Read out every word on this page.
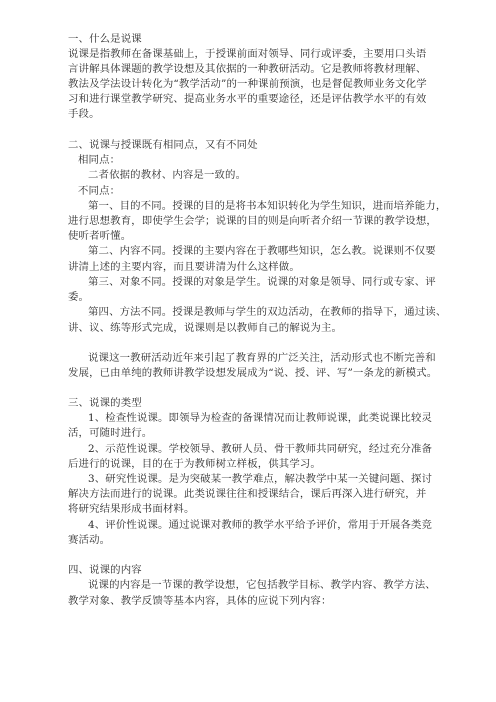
一、什么是说课
说课是指教师在备课基础上，于授课前面对领导、同行或评委，主要用口头语
言讲解具体课题的教学设想及其依据的一种教研活动。它是教师将教材理解、
教法及学法设计转化为“教学活动”的一种课前预演，也是督促教师业务文化学
习和进行课堂教学研究、提高业务水平的重要途径，还是评估教学水平的有效
手段。
二、说课与授课既有相同点，又有不同处
相同点：
二者依据的教材、内容是一致的。
不同点：
第一、目的不同。授课的目的是将书本知识转化为学生知识，进而培养能力，
进行思想教育，即使学生会学；说课的目的则是向听者介绍一节课的教学设想，
使听者听懂。
第二、内容不同。授课的主要内容在于教哪些知识，怎么教。说课则不仅要
讲清上述的主要内容，而且要讲清为什么这样做。
第三、对象不同。授课的对象是学生。说课的对象是领导、同行或专家、评
委。
第四、方法不同。授课是教师与学生的双边活动，在教师的指导下，通过读、
讲、议、练等形式完成，说课则是以教师自己的解说为主。
说课这一教研活动近年来引起了教育界的广泛关注，活动形式也不断完善和
发展，已由单纯的教师讲教学设想发展成为“说、授、评、写”一条龙的新模式。
三、说课的类型
1、检查性说课。即领导为检查的备课情况而让教师说课，此类说课比较灵
活，可随时进行。
2、示范性说课。学校领导、教研人员、骨干教师共同研究，经过充分准备
后进行的说课，目的在于为教师树立样板，供其学习。
3、研究性说课。是为突破某一教学难点，解决教学中某一关键问题、探讨
解决方法而进行的说课。此类说课往往和授课结合，课后再深入进行研究，并
将研究结果形成书面材料。
4、评价性说课。通过说课对教师的教学水平给予评价，常用于开展各类竞
赛活动。
四、说课的内容
说课的内容是一节课的教学设想，它包括教学目标、教学内容、教学方法、
教学对象、教学反馈等基本内容，具体的应说下列内容：
